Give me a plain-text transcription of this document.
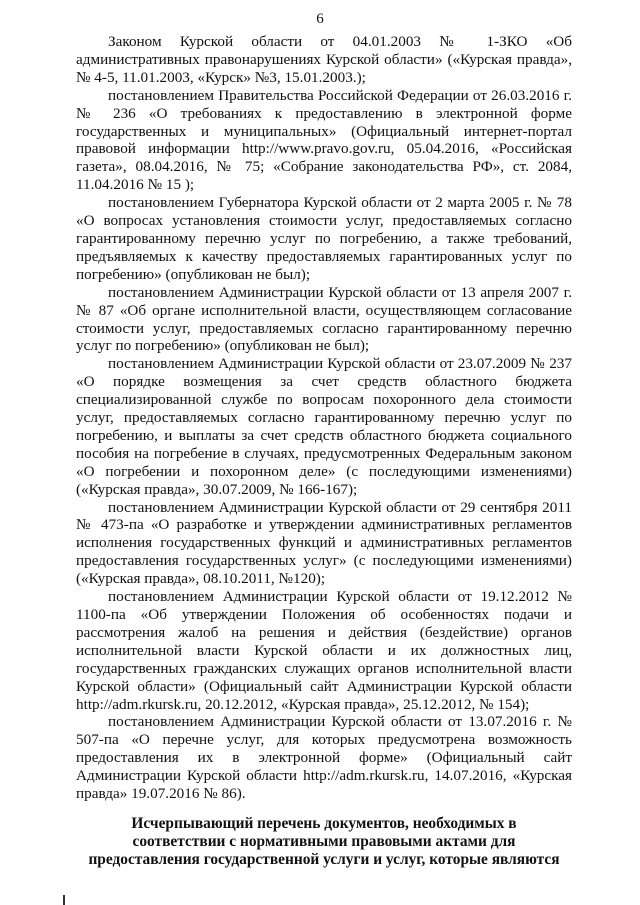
6

Законом Курской области от 04.01.2003 № 1-ЗКО «Об административных правонарушениях Курской области» («Курская правда», № 4-5, 11.01.2003, «Курск» №3, 15.01.2003.);

постановлением Правительства Российской Федерации от 26.03.2016 г. № 236 «О требованиях к предоставлению в электронной форме государственных и муниципальных» (Официальный интернет-портал правовой информации http://www.pravo.gov.ru, 05.04.2016, «Российская газета», 08.04.2016, № 75; «Собрание законодательства РФ», ст. 2084, 11.04.2016 № 15 );

постановлением Губернатора Курской области от 2 марта 2005 г. № 78 «О вопросах установления стоимости услуг, предоставляемых согласно гарантированному перечню услуг по погребению, а также требований, предъявляемых к качеству предоставляемых гарантированных услуг по погребению» (опубликован не был);

постановлением Администрации Курской области от 13 апреля 2007 г. № 87 «Об органе исполнительной власти, осуществляющем согласование стоимости услуг, предоставляемых согласно гарантированному перечню услуг по погребению» (опубликован не был);

постановлением Администрации Курской области от 23.07.2009 № 237 «О порядке возмещения за счет средств областного бюджета специализированной службе по вопросам похоронного дела стоимости услуг, предоставляемых согласно гарантированному перечню услуг по погребению, и выплаты за счет средств областного бюджета социального пособия на погребение в случаях, предусмотренных Федеральным законом «О погребении и похоронном деле» (с последующими изменениями) («Курская правда», 30.07.2009, № 166-167);

постановлением Администрации Курской области от 29 сентября 2011 № 473-па «О разработке и утверждении административных регламентов исполнения государственных функций и административных регламентов предоставления государственных услуг» (с последующими изменениями) («Курская правда», 08.10.2011, №120);

постановлением Администрации Курской области от 19.12.2012 № 1100-па «Об утверждении Положения об особенностях подачи и рассмотрения жалоб на решения и действия (бездействие) органов исполнительной власти Курской области и их должностных лиц, государственных гражданских служащих органов исполнительной власти Курской области» (Официальный сайт Администрации Курской области http://adm.rkursk.ru, 20.12.2012, «Курская правда», 25.12.2012, № 154);

постановлением Администрации Курской области от 13.07.2016 г. № 507-па «О перечне услуг, для которых предусмотрена возможность предоставления их в электронной форме» (Официальный сайт Администрации Курской области http://adm.rkursk.ru, 14.07.2016, «Курская правда» 19.07.2016 № 86).

Исчерпывающий перечень документов, необходимых в

соответствии с нормативными правовыми актами для

предоставления государственной услуги и услуг, которые являются
